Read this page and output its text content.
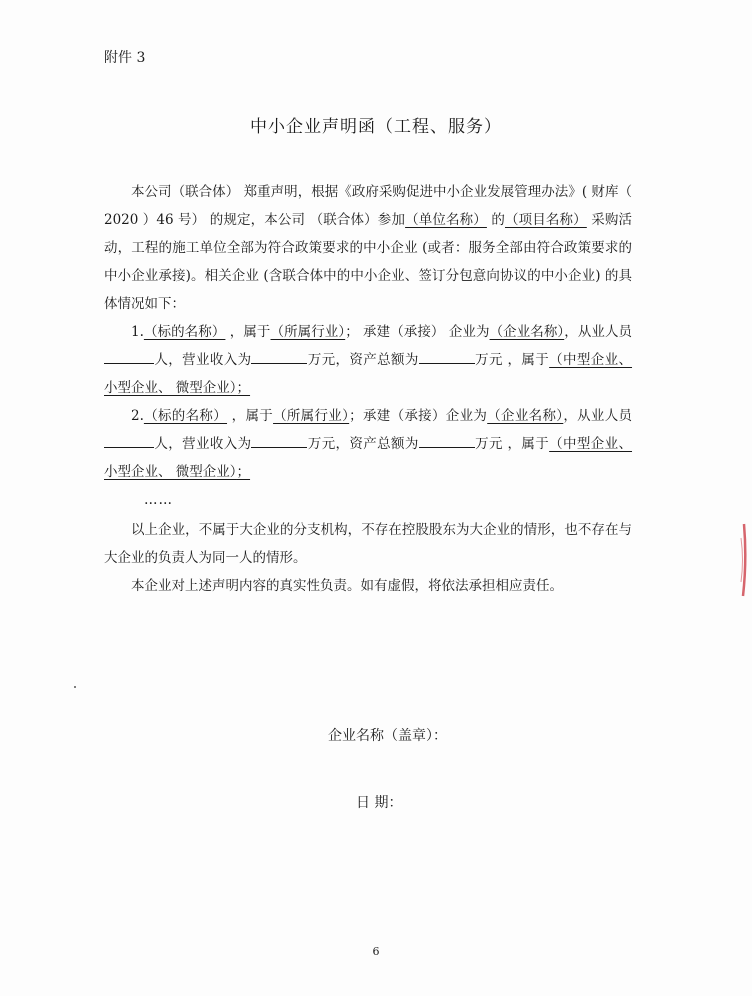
附件 3
中小企业声明函（工程、服务）

本公司（联合体） 郑重声明，根据《政府采购促进中小企业发展管理办法》( 财库（ 2020 ）46 号） 的规定，本公司 （联合体）参加（单位名称） 的（项目名称） 采购活动，工程的施工单位全部为符合政策要求的中小企业 (或者：服务全部由符合政策要求的中小企业承接)。相关企业 (含联合体中的中小企业、签订分包意向协议的中小企业) 的具体情况如下：

1.（标的名称） ，属于（所属行业）； 承建（承接） 企业为（企业名称），从业人员人，营业收入为	万元，资产总额为	万元 ，属于（中型企业、小型企业、 微型企业）；

2.（标的名称） ，属于（所属行业）；承建（承接）企业为（企业名称），从业人员人，营业收入为	万元，资产总额为	万元 ，属于（中型企业、小型企业、 微型企业）；

……

以上企业，不属于大企业的分支机构，不存在控股股东为大企业的情形，也不存在与大企业的负责人为同一人的情形。

本企业对上述声明内容的真实性负责。如有虚假，将依法承担相应责任。

企业名称（盖章）：
日 期：
6
